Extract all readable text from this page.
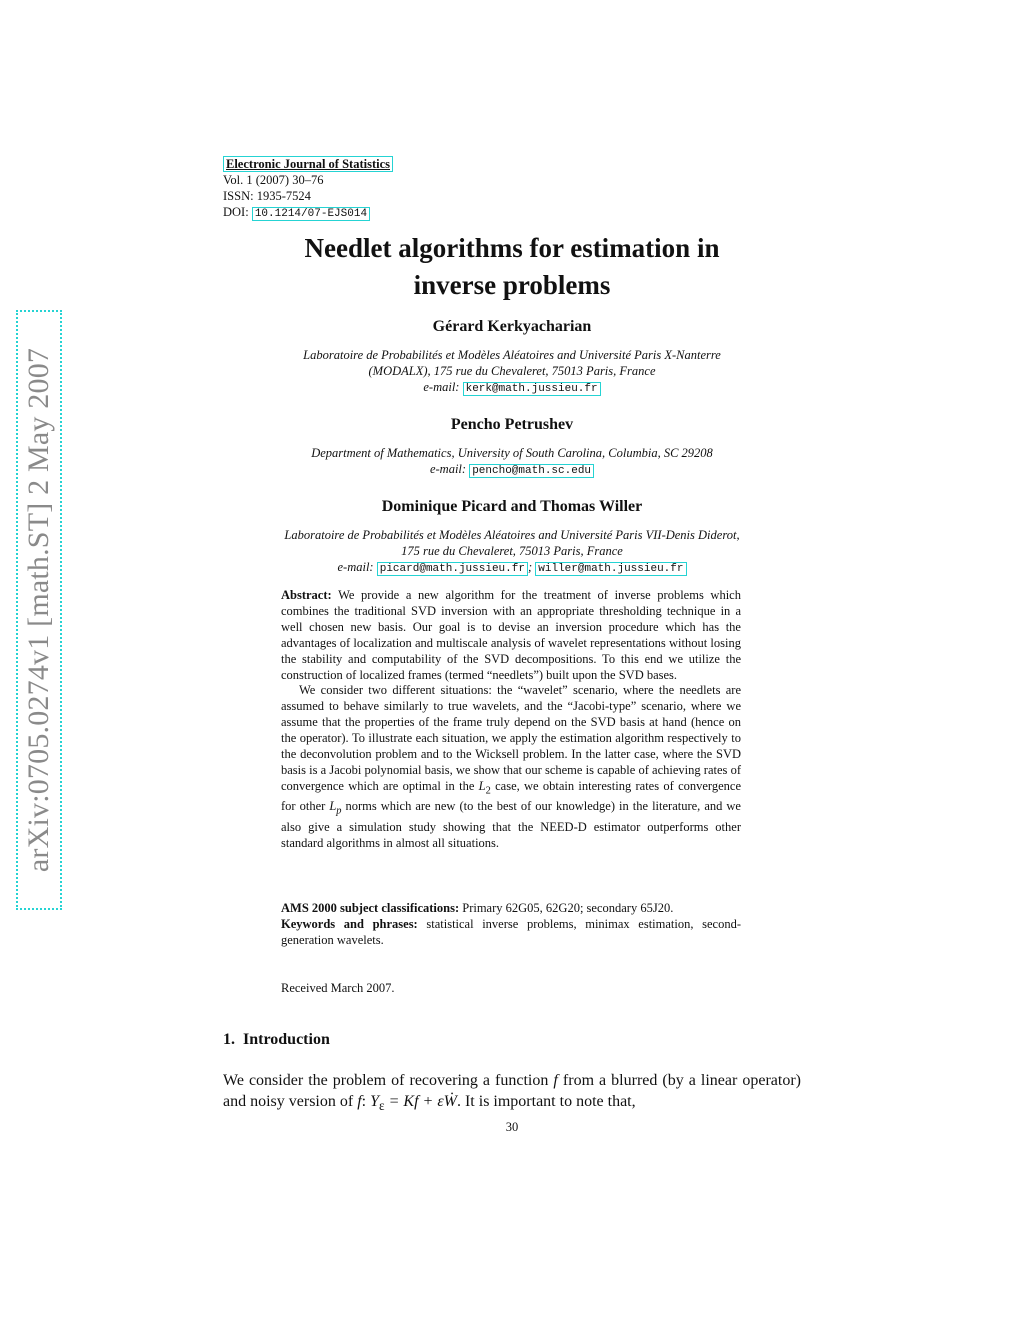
arXiv:0705.0274v1 [math.ST] 2 May 2007
Electronic Journal of Statistics
Vol. 1 (2007) 30–76
ISSN: 1935-7524
DOI: 10.1214/07-EJS014
Needlet algorithms for estimation in
inverse problems
Gérard Kerkyacharian
Laboratoire de Probabilités et Modèles Aléatoires and Université Paris X-Nanterre
(MODALX), 175 rue du Chevaleret, 75013 Paris, France
e-mail: kerk@math.jussieu.fr
Pencho Petrushev
Department of Mathematics, University of South Carolina, Columbia, SC 29208
e-mail: pencho@math.sc.edu
Dominique Picard and Thomas Willer
Laboratoire de Probabilités et Modèles Aléatoires and Université Paris VII-Denis Diderot,
175 rue du Chevaleret, 75013 Paris, France
e-mail: picard@math.jussieu.fr ; willer@math.jussieu.fr

Abstract: We provide a new algorithm for the treatment of inverse problems which combines the traditional SVD inversion with an appropriate thresholding technique in a well chosen new basis. Our goal is to devise an inversion procedure which has the advantages of localization and multiscale analysis of wavelet representations without losing the stability and computability of the SVD decompositions. To this end we utilize the construction of localized frames (termed “needlets”) built upon the SVD bases.

We consider two different situations: the “wavelet” scenario, where the needlets are assumed to behave similarly to true wavelets, and the “Jacobi-type” scenario, where we assume that the properties of the frame truly depend on the SVD basis at hand (hence on the operator). To illustrate each situation, we apply the estimation algorithm respectively to the deconvolution problem and to the Wicksell problem. In the latter case, where the SVD basis is a Jacobi polynomial basis, we show that our scheme is capable of achieving rates of convergence which are optimal in the $L_2$ case, we obtain interesting rates of convergence for other $L_p$ norms which are new (to the best of our knowledge) in the literature, and we also give a simulation study showing that the NEED-D estimator outperforms other standard algorithms in almost all situations.

AMS 2000 subject classifications: Primary 62G05, 62G20; secondary 65J20.
Keywords and phrases: statistical inverse problems, minimax estimation, second-generation wavelets.
Received March 2007.
1. Introduction
We consider the problem of recovering a function f from a blurred (by a linear operator) and noisy version of f: $Y_\varepsilon = Kf$ + εẆ. It is important to note that,
30
